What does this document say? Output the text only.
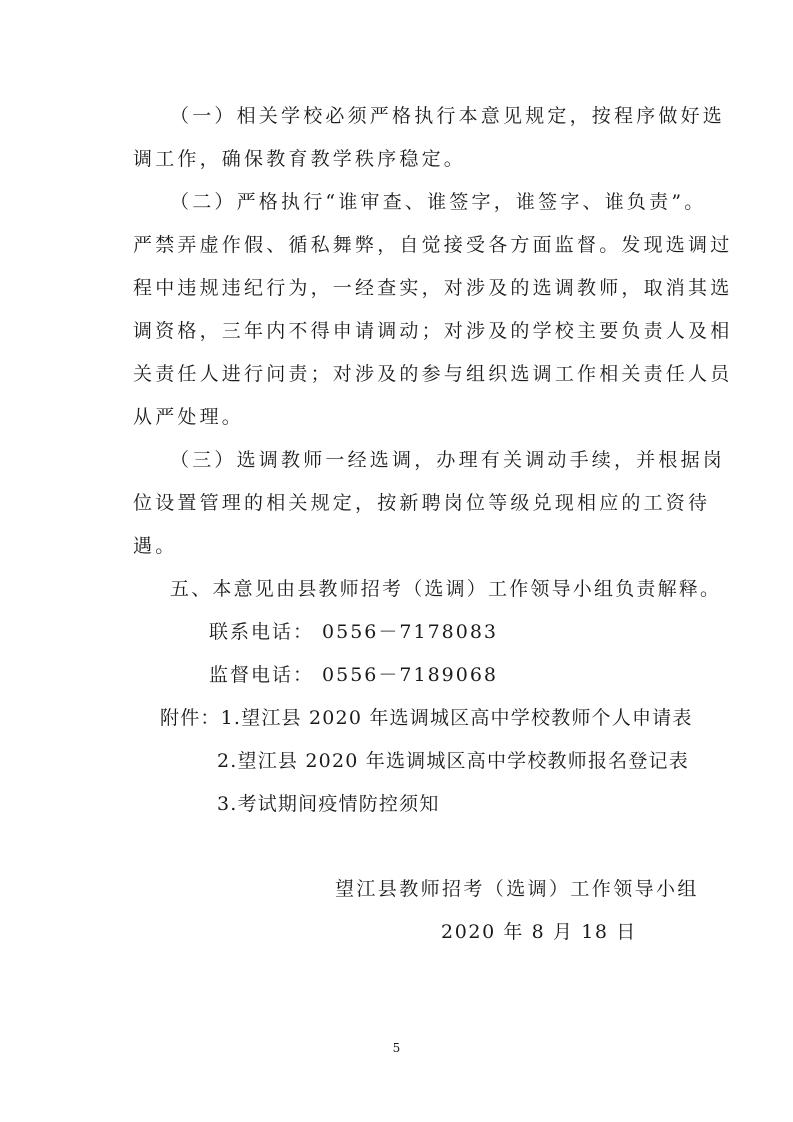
（一）相关学校必须严格执行本意见规定，按程序做好选
调工作，确保教育教学秩序稳定。
（二）严格执行“谁审查、谁签字，谁签字、谁负责”。
严禁弄虚作假、循私舞弊，自觉接受各方面监督。发现选调过
程中违规违纪行为，一经查实，对涉及的选调教师，取消其选
调资格，三年内不得申请调动；对涉及的学校主要负责人及相
关责任人进行问责；对涉及的参与组织选调工作相关责任人员
从严处理。
（三）选调教师一经选调，办理有关调动手续，并根据岗
位设置管理的相关规定，按新聘岗位等级兑现相应的工资待
遇。
五、本意见由县教师招考（选调）工作领导小组负责解释。
联系电话： 0556－7178083
监督电话： 0556－7189068
附件：1.望江县 2020 年选调城区高中学校教师个人申请表
2.望江县 2020 年选调城区高中学校教师报名登记表
3.考试期间疫情防控须知
望江县教师招考（选调）工作领导小组
2020 年 8 月 18 日
5
